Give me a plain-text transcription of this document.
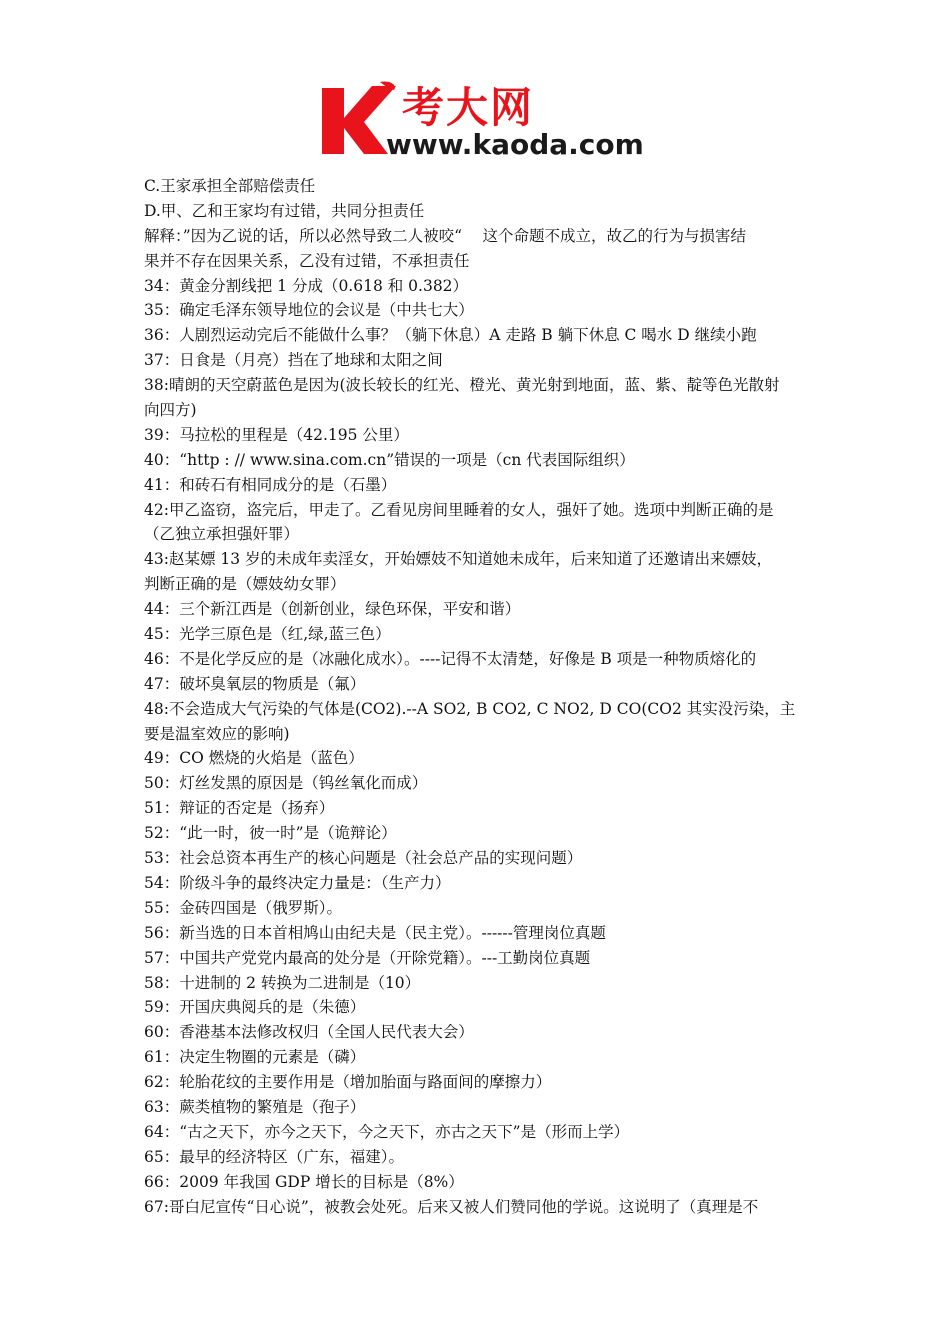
考大网
www.kaoda.com
C.王家承担全部赔偿责任
D.甲、乙和王家均有过错，共同分担责任
解释：”因为乙说的话，所以必然导致二人被咬“　 这个命题不成立，故乙的行为与损害结
果并不存在因果关系，乙没有过错，不承担责任
34：黄金分割线把 1 分成（0.618 和 0.382）
35：确定毛泽东领导地位的会议是（中共七大）
36：人剧烈运动完后不能做什么事？（躺下休息）A 走路 B 躺下休息 C 喝水 D 继续小跑
37：日食是（月亮）挡在了地球和太阳之间
38:晴朗的天空蔚蓝色是因为(波长较长的红光、橙光、黄光射到地面，蓝、紫、靛等色光散射
向四方)
39：马拉松的里程是（42.195 公里）
40：“http : // www.sina.com.cn”错误的一项是（cn 代表国际组织）
41：和砖石有相同成分的是（石墨）
42:甲乙盗窃，盗完后，甲走了。乙看见房间里睡着的女人，强奸了她。选项中判断正确的是
（乙独立承担强奸罪）
43:赵某嫖 13 岁的未成年卖淫女，开始嫖妓不知道她未成年，后来知道了还邀请出来嫖妓，
判断正确的是（嫖妓幼女罪）
44：三个新江西是（创新创业，绿色环保，平安和谐）
45：光学三原色是（红,绿,蓝三色）
46：不是化学反应的是（冰融化成水）。----记得不太清楚，好像是 B 项是一种物质熔化的
47：破坏臭氧层的物质是（氟）
48:不会造成大气污染的气体是(CO2).--A SO2, B CO2, C NO2, D CO(CO2 其实没污染，主
要是温室效应的影响)
49：CO 燃烧的火焰是（蓝色）
50：灯丝发黑的原因是（钨丝氧化而成）
51：辩证的否定是（扬弃）
52：“此一时，彼一时”是（诡辩论）
53：社会总资本再生产的核心问题是（社会总产品的实现问题）
54：阶级斗争的最终决定力量是：（生产力）
55：金砖四国是（俄罗斯）。
56：新当选的日本首相鸠山由纪夫是（民主党）。------管理岗位真题
57：中国共产党党内最高的处分是（开除党籍）。---工勤岗位真题
58：十进制的 2 转换为二进制是（10）
59：开国庆典阅兵的是（朱德）
60：香港基本法修改权归（全国人民代表大会）
61：决定生物圈的元素是（磷）
62：轮胎花纹的主要作用是（增加胎面与路面间的摩擦力）
63：蕨类植物的繁殖是（孢子）
64：“古之天下，亦今之天下，今之天下，亦古之天下”是（形而上学）
65：最早的经济特区（广东，福建）。
66：2009 年我国 GDP 增长的目标是（8%）
67:哥白尼宣传“日心说”，被教会处死。后来又被人们赞同他的学说。这说明了（真理是不
